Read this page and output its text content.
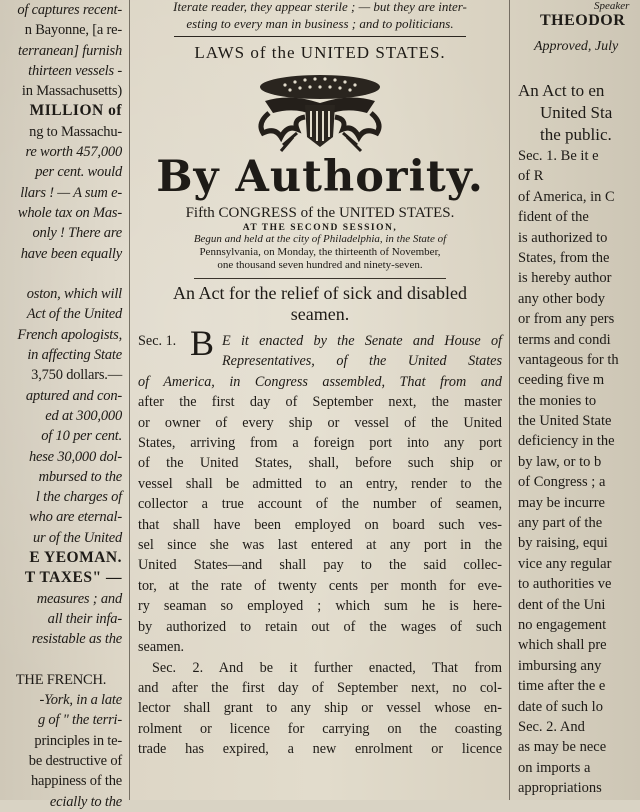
of captures recent-
n Bayonne, [a re-
terranean] furnish
thirteen vessels -
in Massachusetts)
MILLION of
ng to Massachu-
re worth 457,000
per cent. would
llars ! — A sum e-
whole tax on Mas-
only ! There are
have been equally
oston, which will
Act of the United
French apologists,
in affecting State
3,750 dollars.—
aptured and con-
ed at 300,000
of 10 per cent.
hese 30,000 dol-
mbursed to the
l the charges of
who are eternal-
ur of the United
E YEOMAN.
T TAXES" —
measures ; and
all their infa-
resistable as the
THE FRENCH.
-York, in a late
g of " the terri-
principles in te-
be destructive of
happiness of the
ecially to the
Iterate reader, they appear sterile ; — but they are inter-
esting to every man in business ; and to politicians.
LAWS of the UNITED STATES.
By Authority.
Fifth CONGRESS of the UNITED STATES.
AT THE SECOND SESSION,
Begun and held at the city of Philadelphia, in the State of
Pennsylvania, on Monday, the thirteenth of November,
one thousand seven hundred and ninety-seven.
An Act for the relief of sick and disabled seamen.
Sec. 1. B E it enacted by the Senate and House of
Representatives, of the United States
of America, in Congress assembled, That from and
after the first day of September next, the master
or owner of every ship or vessel of the United
States, arriving from a foreign port into any port
of the United States, shall, before such ship or
vessel shall be admitted to an entry, render to the
collector a true account of the number of seamen,
that shall have been employed on board such ves-
sel since she was last entered at any port in the
United States—and shall pay to the said collec-
tor, at the rate of twenty cents per month for eve-
ry seaman so employed ; which sum he is here-
by authorized to retain out of the wages of such
seamen.
Sec. 2. And be it further enacted, That from
and after the first day of September next, no col-
lector shall grant to any ship or vessel whose en-
rolment or licence for carrying on the coasting
trade has expired, a new enrolment or licence
Speaker
THEODOR
Approved, July
An Act to en
United Sta
the public.
Sec. 1. Be it e
of R
of America, in C
fident of the
is authorized to
States, from the
is hereby author
any other body
or from any pers
terms and condi
vantageous for th
ceeding five m
the monies to
the United State
deficiency in the
by law, or to b
of Congress ; a
may be incurre
any part of the
by raising, equi
vice any regular
to authorities ve
dent of the Uni
no engagement
which shall pre
imbursing any
time after the e
date of such lo
Sec. 2. And
as may be nece
on imports a
appropriations
